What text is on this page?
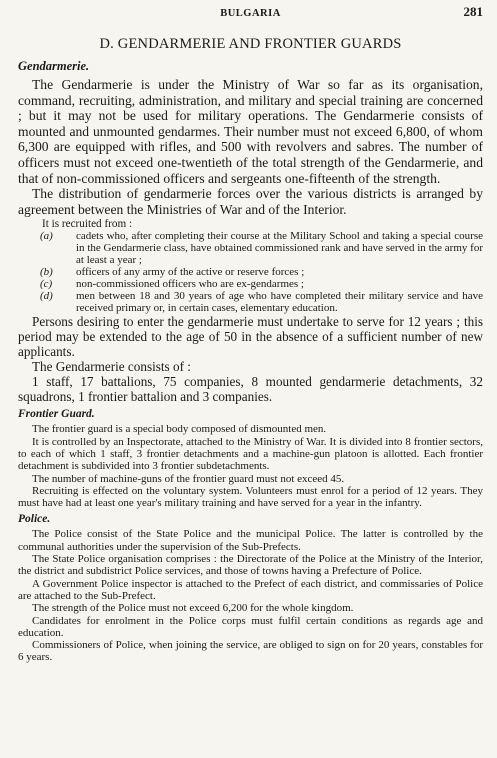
BULGARIA	281
D. GENDARMERIE AND FRONTIER GUARDS
Gendarmerie.

The Gendarmerie is under the Ministry of War so far as its organisation, command, recruiting, administration, and military and special training are concerned ; but it may not be used for military operations. The Gendarmerie consists of mounted and unmounted gendarmes. Their number must not exceed 6,800, of whom 6,300 are equipped with rifles, and 500 with revolvers and sabres. The number of officers must not exceed one-twentieth of the total strength of the Gendarmerie, and that of non-commissioned officers and sergeants one-fifteenth of the strength.

The distribution of gendarmerie forces over the various districts is arranged by agreement between the Ministries of War and of the Interior.

It is recruited from :
(a)	cadets who, after completing their course at the Military School and taking a special course in the Gendarmerie class, have obtained commissioned rank and have served in the army for at least a year ;
(b)	officers of any army of the active or reserve forces ;
(c)	non-commissioned officers who are ex-gendarmes ;
(d)	men between 18 and 30 years of age who have completed their military service and have received primary or, in certain cases, elementary education.

Persons desiring to enter the gendarmerie must undertake to serve for 12 years ; this period may be extended to the age of 50 in the absence of a sufficient number of new applicants.

The Gendarmerie consists of :

1 staff, 17 battalions, 75 companies, 8 mounted gendarmerie detachments, 32 squadrons, 1 frontier battalion and 3 companies.

Frontier Guard.

The frontier guard is a special body composed of dismounted men.

It is controlled by an Inspectorate, attached to the Ministry of War. It is divided into 8 frontier sectors, to each of which 1 staff, 3 frontier detachments and a machine-gun platoon is allotted. Each frontier detachment is subdivided into 3 frontier subdetachments.

The number of machine-guns of the frontier guard must not exceed 45.

Recruiting is effected on the voluntary system. Volunteers must enrol for a period of 12 years. They must have had at least one year's military training and have served for a year in the infantry.

Police.

The Police consist of the State Police and the municipal Police. The latter is controlled by the communal authorities under the supervision of the Sub-Prefects.

The State Police organisation comprises : the Directorate of the Police at the Ministry of the Interior, the district and subdistrict Police services, and those of towns having a Prefecture of Police.

A Government Police inspector is attached to the Prefect of each district, and commissaries of Police are attached to the Sub-Prefect.

The strength of the Police must not exceed 6,200 for the whole kingdom.

Candidates for enrolment in the Police corps must fulfil certain conditions as regards age and education.

Commissioners of Police, when joining the service, are obliged to sign on for 20 years, constables for 6 years.
